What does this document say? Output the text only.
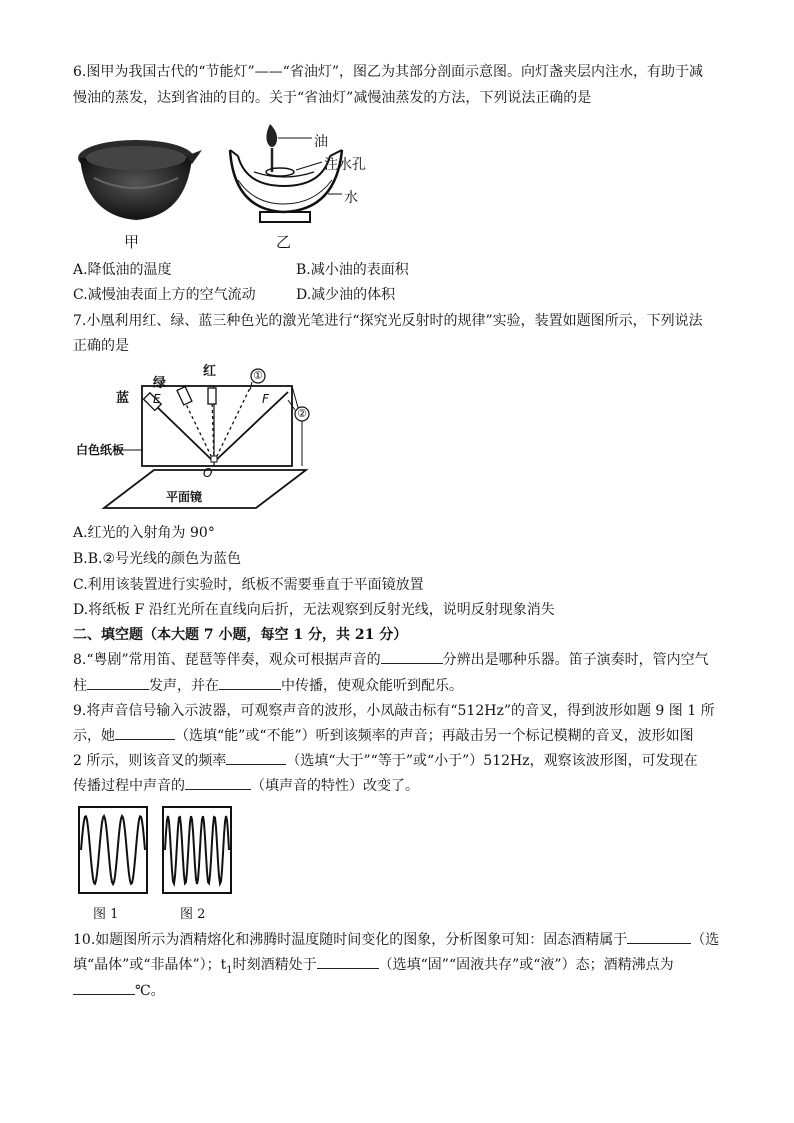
6.图甲为我国古代的“节能灯”——“省油灯”，图乙为其部分剖面示意图。向灯盏夹层内注水，有助于减
慢油的蒸发，达到省油的目的。关于“省油灯”减慢油蒸发的方法，下列说法正确的是
甲
油
注水孔
水
乙
A.降低油的温度	B.减小油的表面积
C.减慢油表面上方的空气流动	D.减少油的体积
7.小凰利用红、绿、蓝三种色光的激光笔进行“探究光反射时的规律”实验，装置如题图所示，下列说法
正确的是
蓝
绿
红	①
②
E	F
O
白色纸板
平面镜
A.红光的入射角为 90°
B.B.②号光线的颜色为蓝色
C.利用该装置进行实验时，纸板不需要垂直于平面镜放置
D.将纸板 F 沿红光所在直线向后折，无法观察到反射光线，说明反射现象消失
二、填空题（本大题 7 小题，每空 1 分，共 21 分）
8.“粤剧”常用笛、琵琶等伴奏，观众可根据声音的	分辨出是哪种乐器。笛子演奏时，管内空气
柱	发声，并在	中传播，使观众能听到配乐。
9.将声音信号输入示波器，可观察声音的波形，小凤敲击标有“512Hz”的音叉，得到波形如题 9 图 1 所
示，她	（选填“能”或“不能”）听到该频率的声音；再敲击另一个标记模糊的音叉，波形如图
2 所示，则该音叉的频率	（选填“大于”“等于”或“小于”）512Hz，观察该波形图，可发现在
传播过程中声音的	（填声音的特性）改变了。
图 1	图 2
10.如题图所示为酒精熔化和沸腾时温度随时间变化的图象，分析图象可知：固态酒精属于	（选
填“晶体”或“非晶体”）；$t_1$时刻酒精处于	（选填“固”“固液共存”或“液”）态；酒精沸点为
℃。
